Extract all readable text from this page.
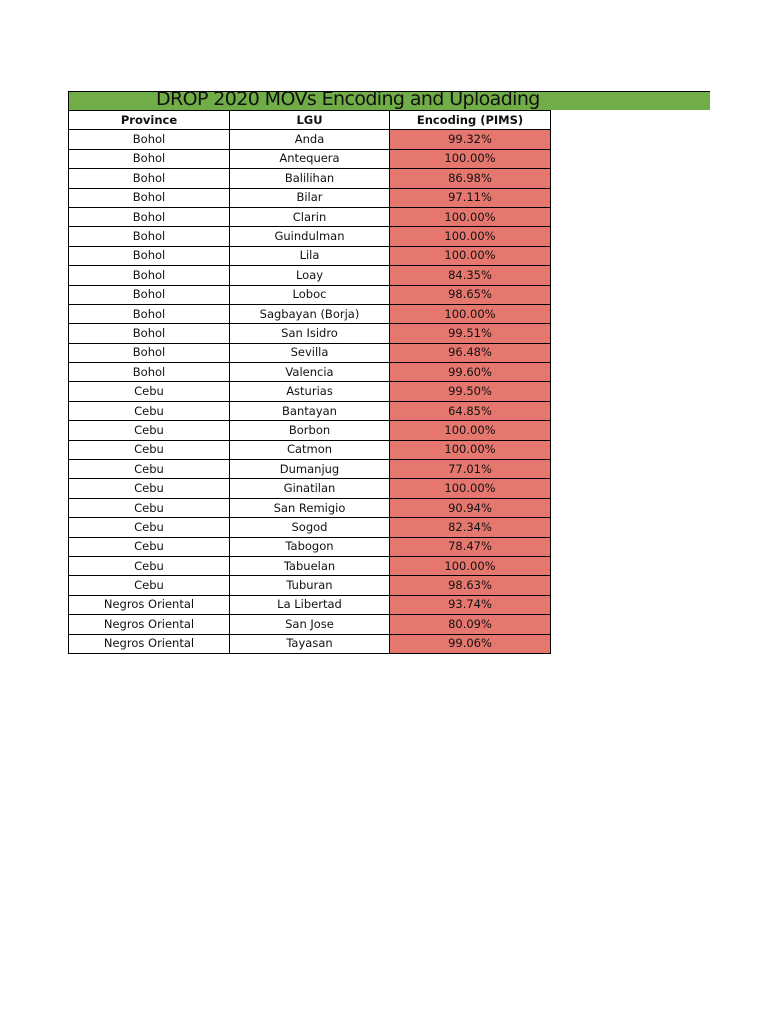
DROP 2020 MOVs Encoding and Uploading
Province	LGU	Encoding (PIMS)
Bohol	Anda	99.32%
Bohol	Antequera	100.00%
Bohol	Balilihan	86.98%
Bohol	Bilar	97.11%
Bohol	Clarin	100.00%
Bohol	Guindulman	100.00%
Bohol	Lila	100.00%
Bohol	Loay	84.35%
Bohol	Loboc	98.65%
Bohol	Sagbayan (Borja)	100.00%
Bohol	San Isidro	99.51%
Bohol	Sevilla	96.48%
Bohol	Valencia	99.60%
Cebu	Asturias	99.50%
Cebu	Bantayan	64.85%
Cebu	Borbon	100.00%
Cebu	Catmon	100.00%
Cebu	Dumanjug	77.01%
Cebu	Ginatilan	100.00%
Cebu	San Remigio	90.94%
Cebu	Sogod	82.34%
Cebu	Tabogon	78.47%
Cebu	Tabuelan	100.00%
Cebu	Tuburan	98.63%
Negros Oriental	La Libertad	93.74%
Negros Oriental	San Jose	80.09%
Negros Oriental	Tayasan	99.06%
